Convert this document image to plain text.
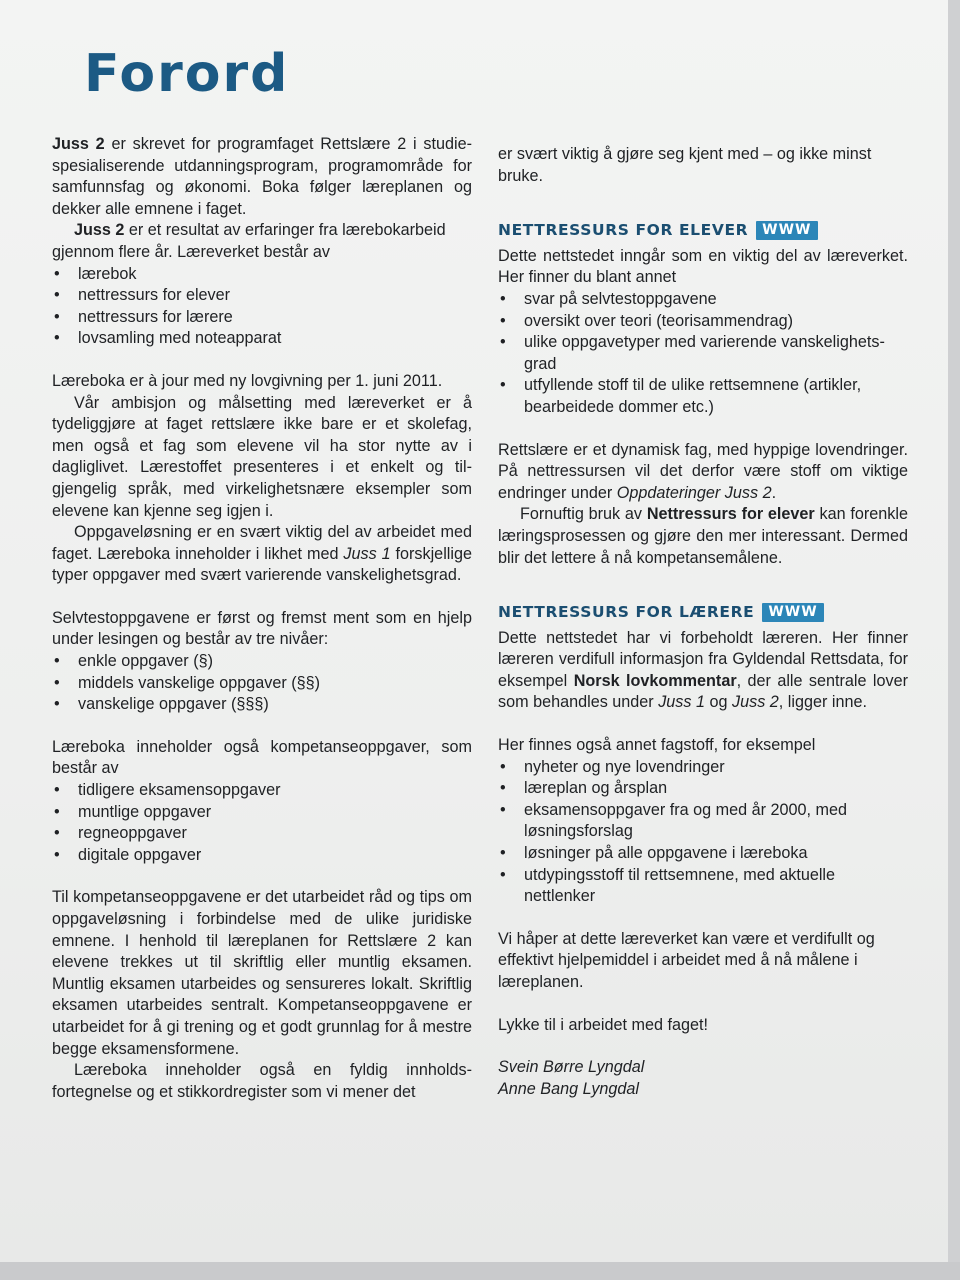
Forord

Juss 2 er skrevet for programfaget Rettslære 2 i studiespesialiserende utdanningsprogram, programområde for samfunnsfag og økonomi. Boka følger læreplanen og dekker alle emnene i faget.

Juss 2 er et resultat av erfaringer fra lærebokarbeid gjennom flere år. Læreverket består av

• lærebok
• nettressurs for elever
• nettressurs for lærere
• lovsamling med noteapparat

Læreboka er à jour med ny lovgivning per 1. juni 2011.

Vår ambisjon og målsetting med læreverket er å tydeliggjøre at faget rettslære ikke bare er et skolefag, men også et fag som elevene vil ha stor nytte av i dagliglivet. Lærestoffet presenteres i et enkelt og tilgjengelig språk, med virkelighetsnære eksempler som elevene kan kjenne seg igjen i.

Oppgaveløsning er en svært viktig del av arbeidet med faget. Læreboka inneholder i likhet med Juss 1 forskjellige typer oppgaver med svært varierende vanskelighetsgrad.

Selvtestoppgavene er først og fremst ment som en hjelp under lesingen og består av tre nivåer:

• enkle oppgaver (§)
• middels vanskelige oppgaver (§§)
• vanskelige oppgaver (§§§)

Læreboka inneholder også kompetanseoppgaver, som består av

• tidligere eksamensoppgaver
• muntlige oppgaver
• regneoppgaver
• digitale oppgaver

Til kompetanseoppgavene er det utarbeidet råd og tips om oppgaveløsning i forbindelse med de ulike juridiske emnene. I henhold til læreplanen for Rettslære 2 kan elevene trekkes ut til skriftlig eller muntlig eksamen. Muntlig eksamen utarbeides og sensureres lokalt. Skriftlig eksamen utarbeides sentralt. Kompetanseoppgavene er utarbeidet for å gi trening og et godt grunnlag for å mestre begge eksamensformene.

Læreboka inneholder også en fyldig innholdsfortegnelse og et stikkordregister som vi mener det

er svært viktig å gjøre seg kjent med – og ikke minst bruke.

NETTRESSURS FOR ELEVER	WWW

Dette nettstedet inngår som en viktig del av læreverket. Her finner du blant annet

• svar på selvtestoppgavene
• oversikt over teori (teorisammendrag)
• ulike oppgavetyper med varierende vanskelighetsgrad
• utfyllende stoff til de ulike rettsemnene (artikler, bearbeidede dommer etc.)

Rettslære er et dynamisk fag, med hyppige lovendringer. På nettressursen vil det derfor være stoff om viktige endringer under Oppdateringer Juss 2.

Fornuftig bruk av Nettressurs for elever kan forenkle læringsprosessen og gjøre den mer interessant. Dermed blir det lettere å nå kompetansemålene.

NETTRESSURS FOR LÆRERE	WWW

Dette nettstedet har vi forbeholdt læreren. Her finner læreren verdifull informasjon fra Gyldendal Rettsdata, for eksempel Norsk lovkommentar, der alle sentrale lover som behandles under Juss 1 og Juss 2, ligger inne.

Her finnes også annet fagstoff, for eksempel

• nyheter og nye lovendringer
• læreplan og årsplan
• eksamensoppgaver fra og med år 2000, med løsningsforslag
• løsninger på alle oppgavene i læreboka
• utdypingsstoff til rettsemnene, med aktuelle nettlenker

Vi håper at dette læreverket kan være et verdifullt og effektivt hjelpemiddel i arbeidet med å nå målene i læreplanen.

Lykke til i arbeidet med faget!

Svein Børre Lyngdal

Anne Bang Lyngdal
